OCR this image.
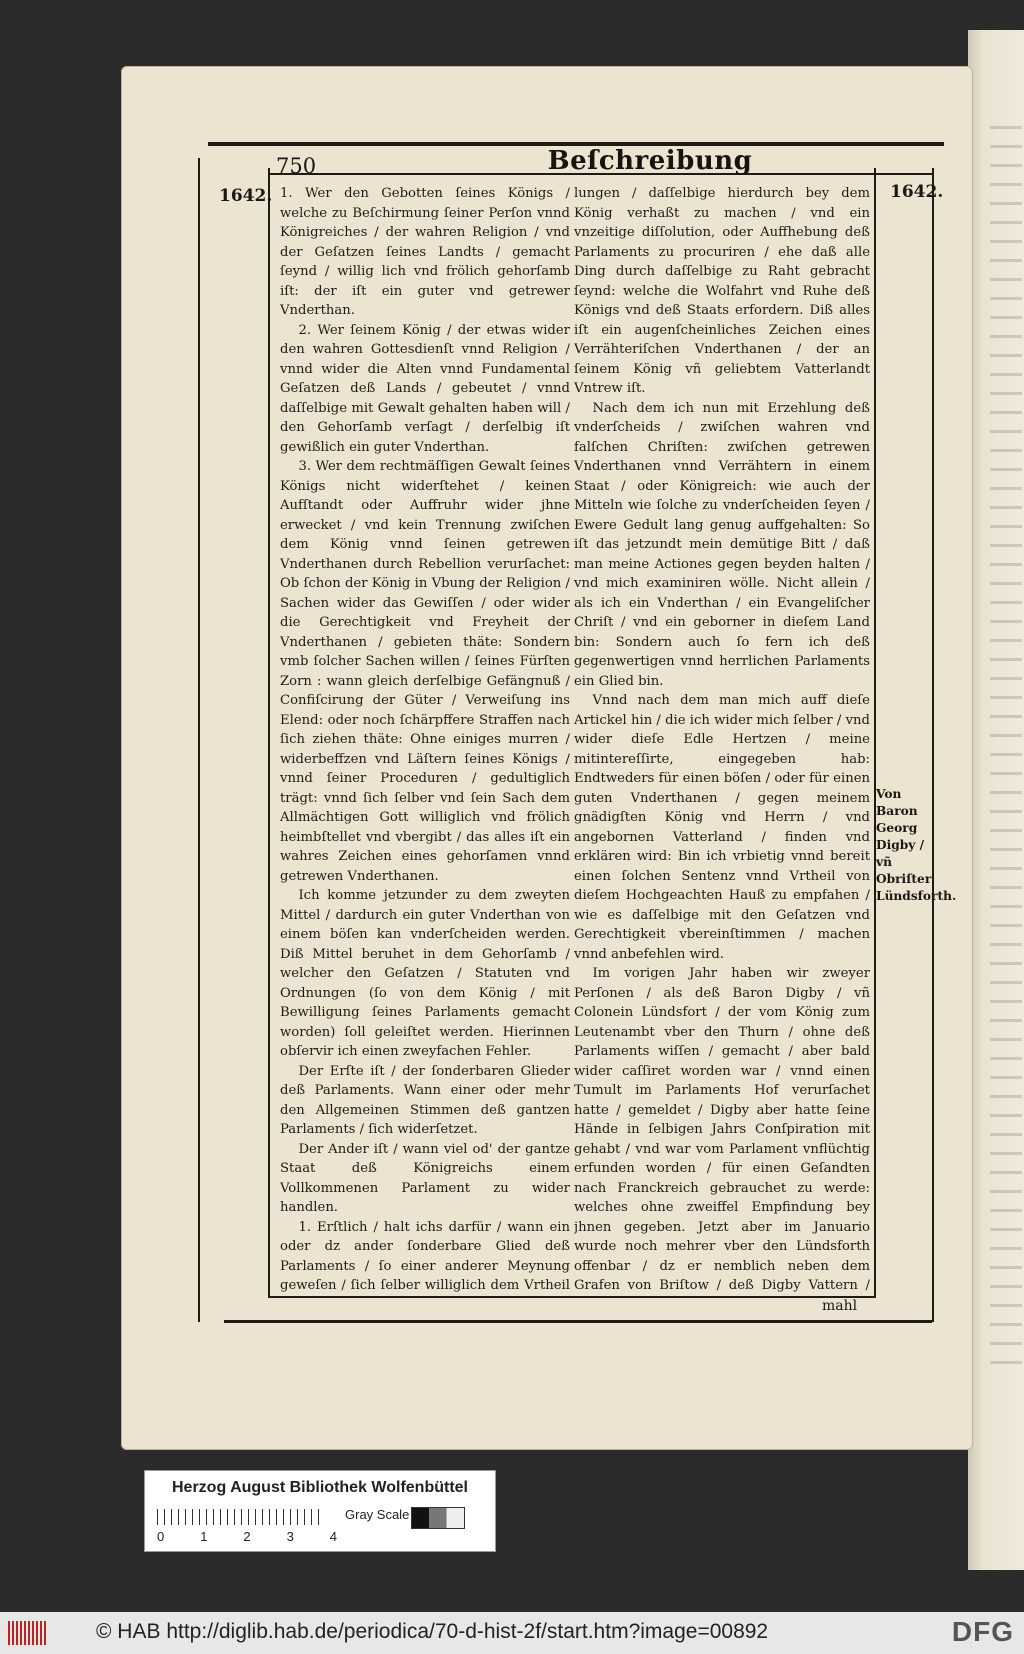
750	Beſchreibung
1642.	1642.

1. Wer den Gebotten ſeines Königs / welche zu Beſchirmung ſeiner Perſon vnnd Königreiches / der wahren Religion / vnd der Geſatzen ſeines Landts / gemacht ſeynd / willig lich vnd frölich gehorſamb iſt: der iſt ein guter vnd getrewer Vnderthan.

2. Wer ſeinem König / der etwas wider den wahren Gottesdienſt vnnd Religion / vnnd wider die Alten vnnd Fundamental Geſatzen deß Lands / gebeutet / vnnd daſſelbige mit Gewalt gehalten haben will / den Gehorſamb verſagt / derſelbig iſt gewißlich ein guter Vnderthan.

3. Wer dem rechtmäſſigen Gewalt ſeines Königs nicht widerſtehet / keinen Aufſtandt oder Auffruhr wider jhne erwecket / vnd kein Trennung zwiſchen dem König vnnd ſeinen getrewen Vnderthanen durch Rebellion verurſachet: Ob ſchon der König in Vbung der Religion / Sachen wider das Gewiſſen / oder wider die Gerechtigkeit vnd Freyheit der Vnderthanen / gebieten thäte: Sondern vmb ſolcher Sachen willen / ſeines Fürſten Zorn : wann gleich derſelbige Gefängnuß / Confiſcirung der Güter / Verweiſung ins Elend: oder noch ſchärpffere Straffen nach ſich ziehen thäte: Ohne einiges murren / widerbeffzen vnd Läſtern ſeines Königs / vnnd ſeiner Proceduren / gedultiglich trägt: vnnd ſich ſelber vnd ſein Sach dem Allmächtigen Gott williglich vnd frölich heimbſtellet vnd vbergibt / das alles iſt ein wahres Zeichen eines gehorſamen vnnd getrewen Vnderthanen.

Ich komme jetzunder zu dem zweyten Mittel / dardurch ein guter Vnderthan von einem böſen kan vnderſcheiden werden. Diß Mittel beruhet in dem Gehorſamb / welcher den Geſatzen / Statuten vnd Ordnungen (ſo von dem König / mit Bewilligung ſeines Parlaments gemacht worden) ſoll geleiſtet werden. Hierinnen obſervir ich einen zweyfachen Fehler.

Der Erſte iſt / der ſonderbaren Glieder deß Parlaments. Wann einer oder mehr den Allgemeinen Stimmen deß gantzen Parlaments / ſich widerſetzet.

Der Ander iſt / wann viel od' der gantze Staat deß Königreichs einem Vollkommenen Parlament zu wider handlen.

1. Erſtlich / halt ichs darfür / wann ein oder dz ander ſonderbare Glied deß Parlaments / ſo einer anderer Meynung geweſen / ſich ſelber williglich dem Vrtheil

lungen / daſſelbige hierdurch bey dem König verhaßt zu machen / vnd ein vnzeitige diſſolution, oder Auffhebung deß Parlaments zu procuriren / ehe daß alle Ding durch daſſelbige zu Raht gebracht ſeynd: welche die Wolfahrt vnd Ruhe deß Königs vnd deß Staats erfordern. Diß alles iſt ein augenſcheinliches Zeichen eines Verrähteriſchen Vnderthanen / der an ſeinem König vñ geliebtem Vatterlandt Vntrew iſt.

Nach dem ich nun mit Erzehlung deß vnderſcheids / zwiſchen wahren vnd falſchen Chriſten: zwiſchen getrewen Vnderthanen vnnd Verrähtern in einem Staat / oder Königreich: wie auch der Mitteln wie ſolche zu vnderſcheiden ſeyen / Ewere Gedult lang genug auffgehalten: So iſt das jetzundt mein demütige Bitt / daß man meine Actiones gegen beyden halten / vnd mich examiniren wölle. Nicht allein / als ich ein Vnderthan / ein Evangeliſcher Chriſt / vnd ein geborner in dieſem Land bin: Sondern auch ſo fern ich deß gegenwertigen vnnd herrlichen Parlaments ein Glied bin.

Vnnd nach dem man mich auff dieſe Artickel hin / die ich wider mich ſelber / vnd wider dieſe Edle Hertzen / meine mitintereſſirte, eingegeben hab: Endtweders für einen böſen / oder für einen guten Vnderthanen / gegen meinem gnädigſten König vnd Herrn / vnd angebornen Vatterland / finden vnd erklären wird: Bin ich vrbietig vnnd bereit einen ſolchen Sentenz vnnd Vrtheil von dieſem Hochgeachten Hauß zu empfahen / wie es daſſelbige mit den Geſatzen vnd Gerechtigkeit vbereinſtimmen / machen vnnd anbefehlen wird.

Im vorigen Jahr haben wir zweyer Perſonen / als deß Baron Digby / vñ Colonein Lündsfort / der vom König zum Leutenambt vber den Thurn / ohne deß Parlaments wiſſen / gemacht / aber bald wider caſſiret worden war / vnnd einen Tumult im Parlaments Hof verurſachet hatte / gemeldet / Digby aber hatte ſeine Hände in ſelbigen Jahrs Conſpiration mit gehabt / vnd war vom Parlament vnflüchtig erfunden worden / für einen Geſandten nach Franckreich gebrauchet zu werde: welches ohne zweiffel Empfindung bey jhnen gegeben. Jetzt aber im Januario wurde noch mehrer vber den Lündsforth offenbar / dz er nemblich neben dem Grafen von Briſtow / deß Digby Vattern /

Von Baron Georg Digby / vñ Obriſter Lündsforth.
mahl
Herzog August Bibliothek Wolfenbüttel
0	1	2	3	4
Gray Scale
© HAB http://diglib.hab.de/periodica/70-d-hist-2f/start.htm?image=00892	DFG
